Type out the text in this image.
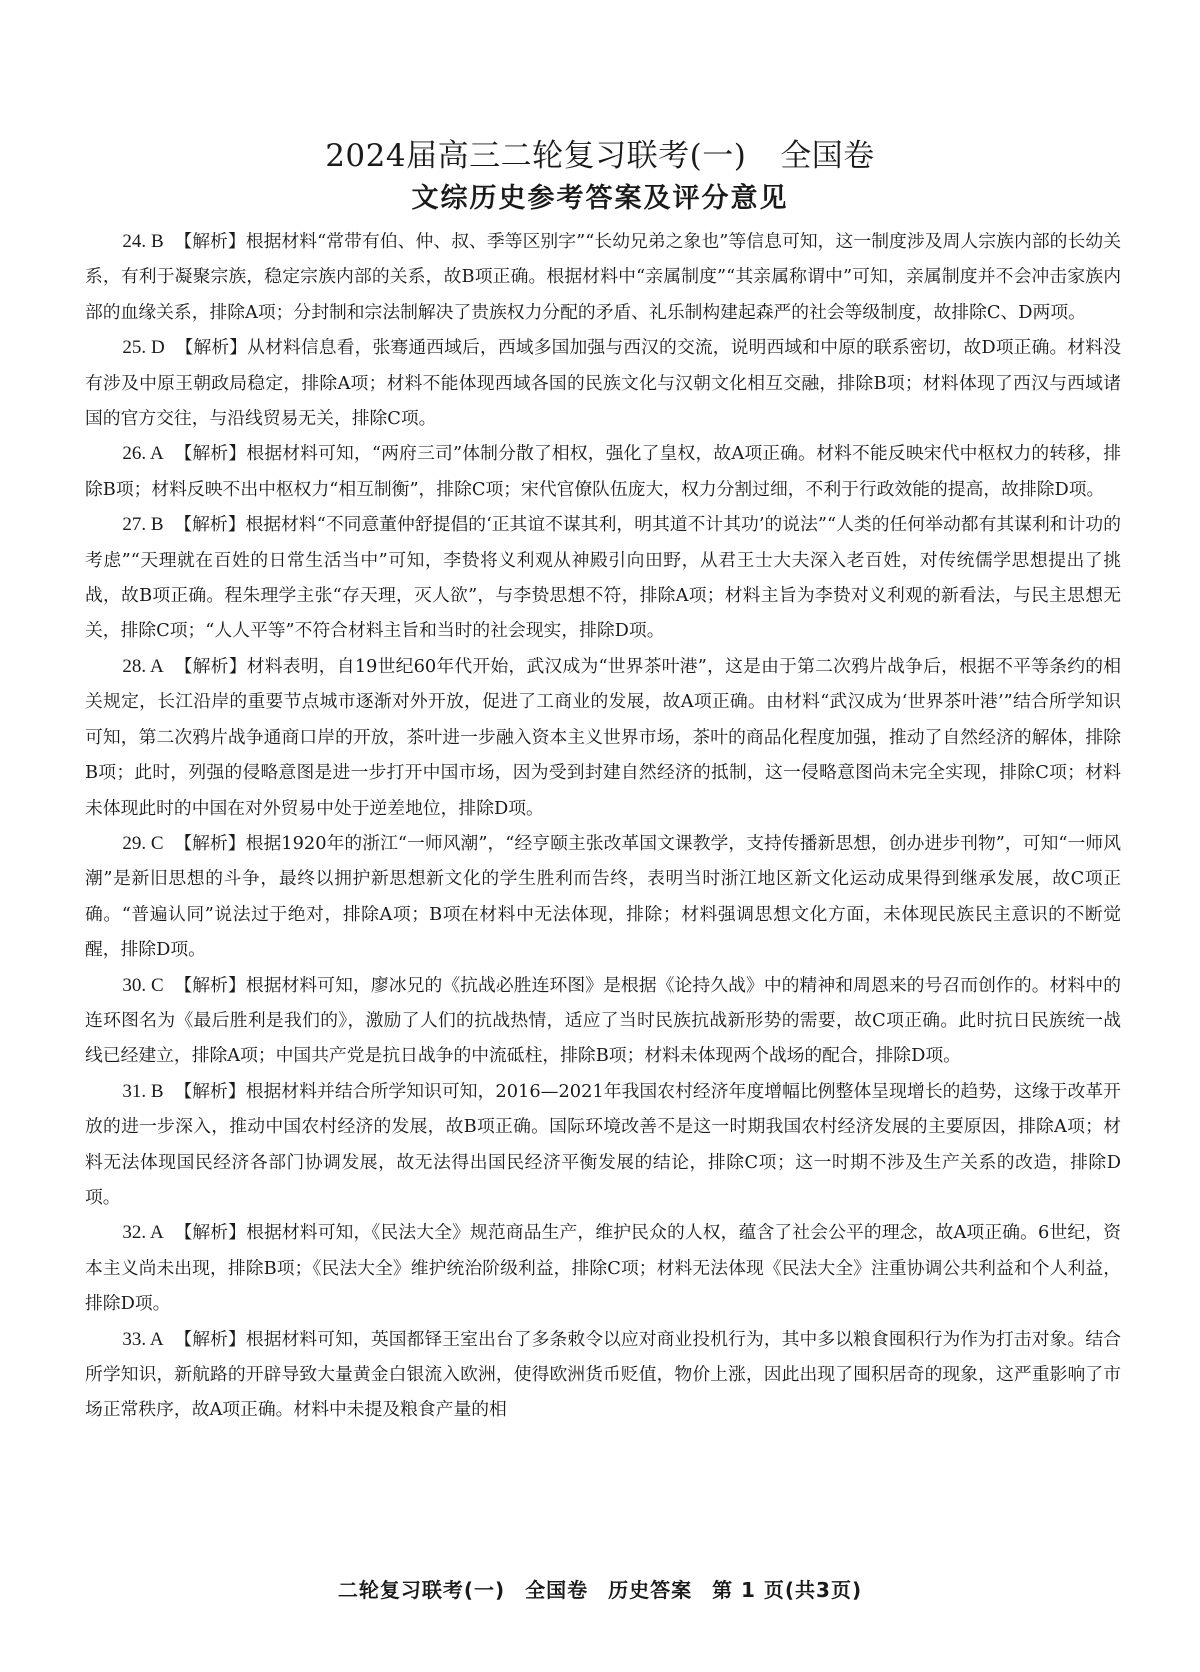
2024届高三二轮复习联考(一) 全国卷
文综历史参考答案及评分意见

24. B 【解析】根据材料“常带有伯、仲、叔、季等区别字”“长幼兄弟之象也”等信息可知，这一制度涉及周人宗族内部的长幼关系，有利于凝聚宗族，稳定宗族内部的关系，故B项正确。根据材料中“亲属制度”“其亲属称谓中”可知，亲属制度并不会冲击家族内部的血缘关系，排除A项；分封制和宗法制解决了贵族权力分配的矛盾、礼乐制构建起森严的社会等级制度，故排除C、D两项。

25. D 【解析】从材料信息看，张骞通西域后，西域多国加强与西汉的交流，说明西域和中原的联系密切，故D项正确。材料没有涉及中原王朝政局稳定，排除A项；材料不能体现西域各国的民族文化与汉朝文化相互交融，排除B项；材料体现了西汉与西域诸国的官方交往，与沿线贸易无关，排除C项。

26. A 【解析】根据材料可知，“两府三司”体制分散了相权，强化了皇权，故A项正确。材料不能反映宋代中枢权力的转移，排除B项；材料反映不出中枢权力“相互制衡”，排除C项；宋代官僚队伍庞大，权力分割过细，不利于行政效能的提高，故排除D项。

27. B 【解析】根据材料“不同意董仲舒提倡的‘正其谊不谋其利，明其道不计其功’的说法”“人类的任何举动都有其谋利和计功的考虑”“天理就在百姓的日常生活当中”可知，李贽将义利观从神殿引向田野，从君王士大夫深入老百姓，对传统儒学思想提出了挑战，故B项正确。程朱理学主张“存天理，灭人欲”，与李贽思想不符，排除A项；材料主旨为李贽对义利观的新看法，与民主思想无关，排除C项；“人人平等”不符合材料主旨和当时的社会现实，排除D项。

28. A 【解析】材料表明，自19世纪60年代开始，武汉成为“世界茶叶港”，这是由于第二次鸦片战争后，根据不平等条约的相关规定，长江沿岸的重要节点城市逐渐对外开放，促进了工商业的发展，故A项正确。由材料“武汉成为‘世界茶叶港’”结合所学知识可知，第二次鸦片战争通商口岸的开放，茶叶进一步融入资本主义世界市场，茶叶的商品化程度加强，推动了自然经济的解体，排除B项；此时，列强的侵略意图是进一步打开中国市场，因为受到封建自然经济的抵制，这一侵略意图尚未完全实现，排除C项；材料未体现此时的中国在对外贸易中处于逆差地位，排除D项。

29. C 【解析】根据1920年的浙江“一师风潮”，“经亨颐主张改革国文课教学，支持传播新思想，创办进步刊物”，可知“一师风潮”是新旧思想的斗争，最终以拥护新思想新文化的学生胜利而告终，表明当时浙江地区新文化运动成果得到继承发展，故C项正确。“普遍认同”说法过于绝对，排除A项；B项在材料中无法体现，排除；材料强调思想文化方面，未体现民族民主意识的不断觉醒，排除D项。

30. C 【解析】根据材料可知，廖冰兄的《抗战必胜连环图》是根据《论持久战》中的精神和周恩来的号召而创作的。材料中的连环图名为《最后胜利是我们的》，激励了人们的抗战热情，适应了当时民族抗战新形势的需要，故C项正确。此时抗日民族统一战线已经建立，排除A项；中国共产党是抗日战争的中流砥柱，排除B项；材料未体现两个战场的配合，排除D项。

31. B 【解析】根据材料并结合所学知识可知，2016—2021年我国农村经济年度增幅比例整体呈现增长的趋势，这缘于改革开放的进一步深入，推动中国农村经济的发展，故B项正确。国际环境改善不是这一时期我国农村经济发展的主要原因，排除A项；材料无法体现国民经济各部门协调发展，故无法得出国民经济平衡发展的结论，排除C项；这一时期不涉及生产关系的改造，排除D项。

32. A 【解析】根据材料可知，《民法大全》规范商品生产，维护民众的人权，蕴含了社会公平的理念，故A项正确。6世纪，资本主义尚未出现，排除B项；《民法大全》维护统治阶级利益，排除C项；材料无法体现《民法大全》注重协调公共利益和个人利益，排除D项。

33. A 【解析】根据材料可知，英国都铎王室出台了多条敕令以应对商业投机行为，其中多以粮食囤积行为作为打击对象。结合所学知识，新航路的开辟导致大量黄金白银流入欧洲，使得欧洲货币贬值，物价上涨，因此出现了囤积居奇的现象，这严重影响了市场正常秩序，故A项正确。材料中未提及粮食产量的相

二轮复习联考(一) 全国卷 历史答案 第 1 页(共3页)
